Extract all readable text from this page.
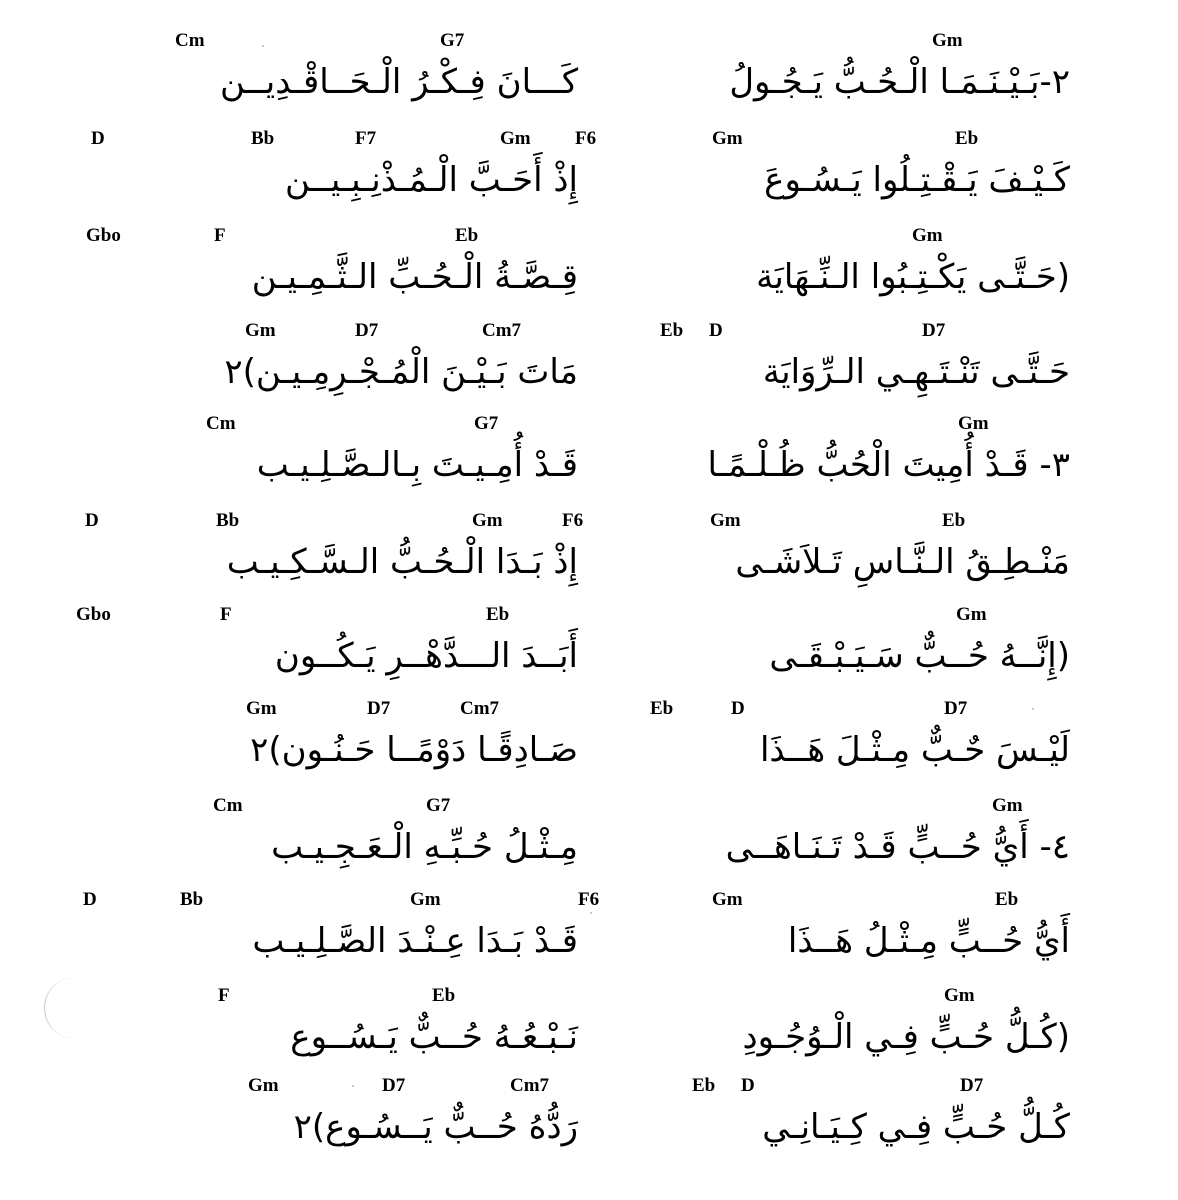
Cm	G7	Gm
كَـــانَ فِـكْـرُ الْـحَــاقْـدِيــن	٢-بَـيْـنَـمَـا الْـحُـبُّ يَـجُـولُ
D	Bb	F7	Gm F6	Gm	Eb
إِذْ أَحَـبَّ الْـمُـذْنِـبِـيــن	كَـيْـفَ يَـقْـتِـلُوا يَـسُـوعَ
Gbo	F	Eb	Gm
قِـصَّـةُ الْـحُـبِّ الـثَّـمِـيـن	(حَـتَّـى يَكْـتِـبُوا الـنِّـهَايَة
Gm	D7	Cm7	Eb D	D7
مَاتَ بَـيْـنَ الْمُـجْـرِمِـيـن)٢	حَـتَّـى تَنْـتَـهِـي الـرِّوَايَة
Cm	G7	Gm
قَـدْ أُمِـيـتَ بِـالـصَّـلِـيـب	٣- قَـدْ أُمِيتَ الْحُبُّ ظُـلْـمًـا
D	Bb	Gm	F6	Gm	Eb
إِذْ بَـدَا الْـحُـبُّ الـسَّـكِـيـب	مَنْـطِـقُ الـنَّـاسِ تَـلاَشَـى
Gbo	F	Eb	Gm
أَبَــدَ الـــدَّهْــرِ يَـكُــون	(إِنَّــهُ حُــبٌّ سَـيَـبْـقَـى
Gm	D7	Cm7	Eb	D	D7
صَـادِقًـا دَوْمًــا حَـنُـون)٢	لَيْـسَ حٌـبٌّ مِـثْـلَ هَــذَا
Cm	G7	Gm
مِـثْـلُ حُـبِّـهِ الْـعَـجِـيـب	٤- أَيُّ حُــبٍّ قَـدْ تَـنَـاهَــى
D	Bb	Gm	F6	Gm	Eb
قَـدْ بَـدَا عِـنْـدَ الصَّـلِـيـب	أَيُّ حُــبٍّ مِـثْـلُ هَــذَا
F	Eb	Gm
نَـبْـعُـهُ حُــبٌّ يَـسُــوع	(كُـلُّ حُـبٍّ فِـي الْـوُجُـودِ
Gm	D7	Cm7	Eb D	D7
رَدُّهُ حُــبٌّ يَــسُـوع)٢	كُـلُّ حُـبٍّ فِـي كِـيَـانِـي
